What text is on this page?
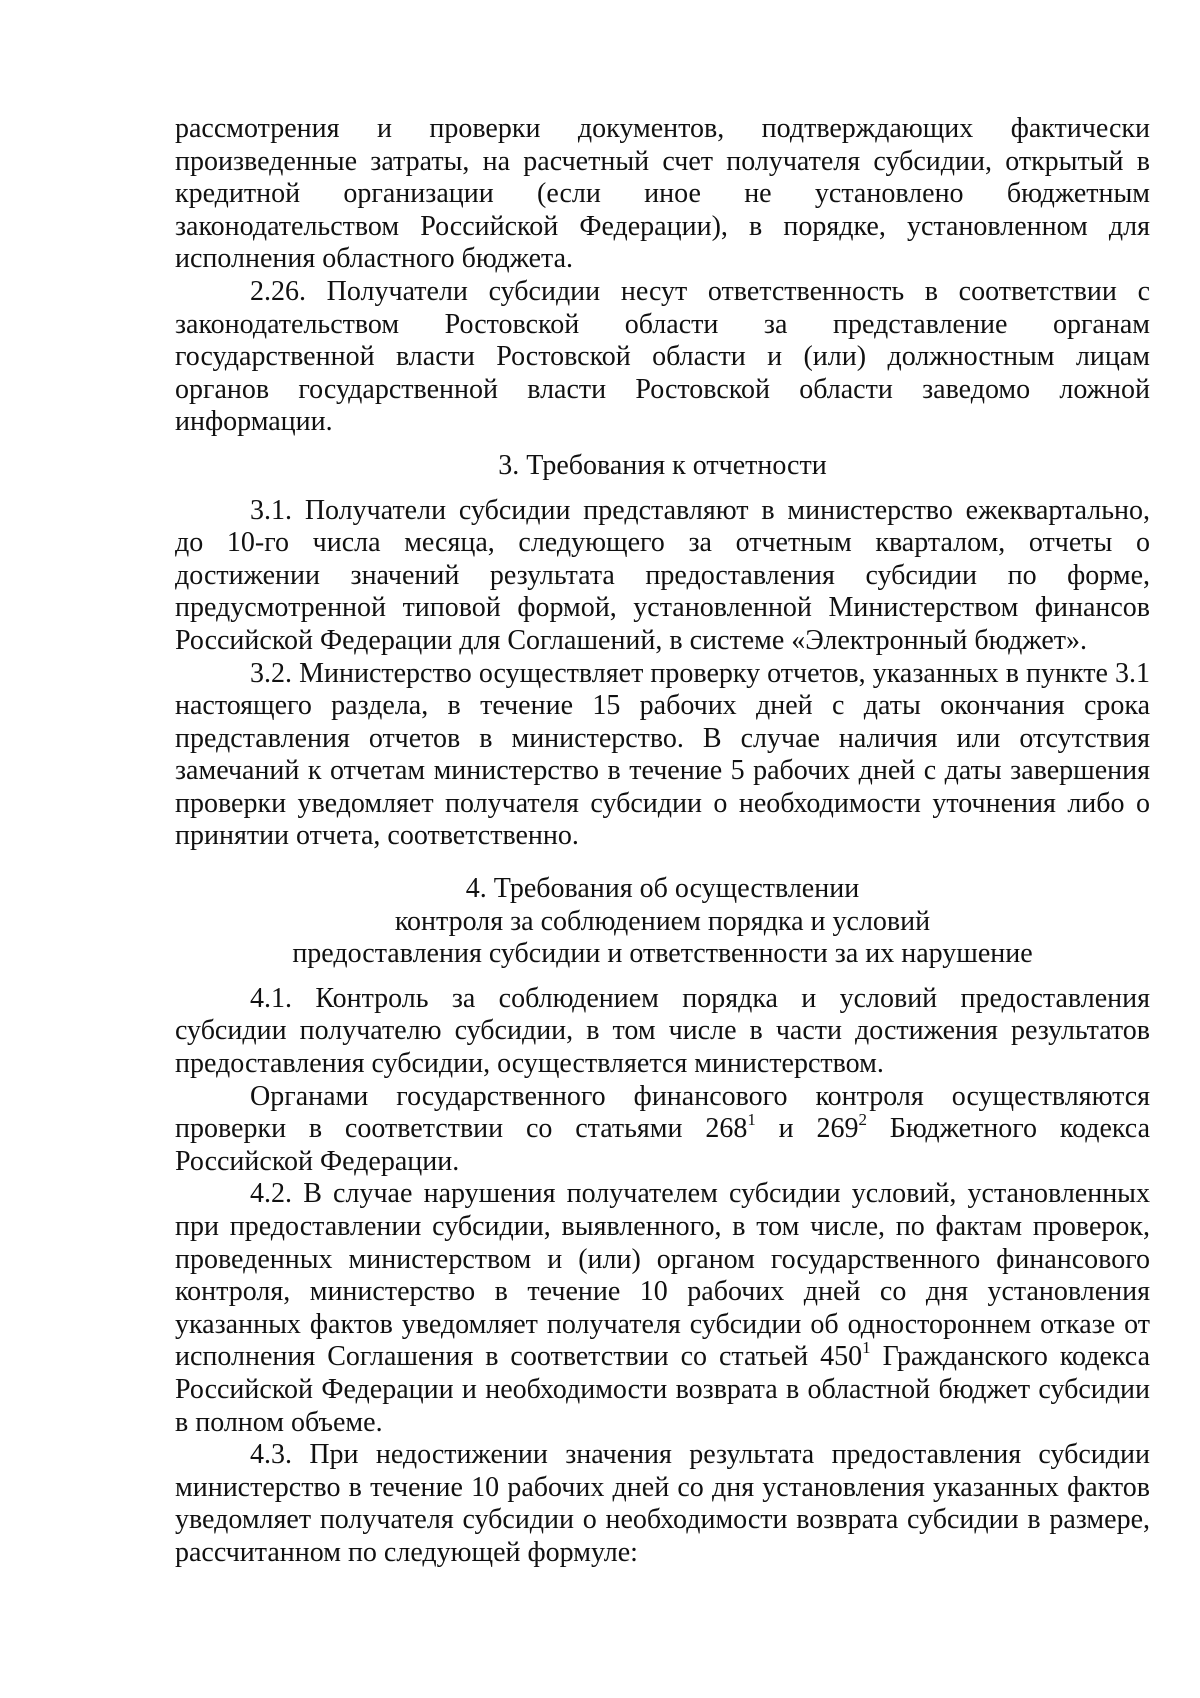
рассмотрения и проверки документов, подтверждающих фактически произведенные затраты, на расчетный счет получателя субсидии, открытый в кредитной организации (если иное не установлено бюджетным законодательством Российской Федерации), в порядке, установленном для исполнения областного бюджета.

2.26. Получатели субсидии несут ответственность в соответствии с законодательством Ростовской области за представление органам государственной власти Ростовской области и (или) должностным лицам органов государственной власти Ростовской области заведомо ложной информации.

3. Требования к отчетности

3.1. Получатели субсидии представляют в министерство ежеквартально, до 10-го числа месяца, следующего за отчетным кварталом, отчеты о достижении значений результата предоставления субсидии по форме, предусмотренной типовой формой, установленной Министерством финансов Российской Федерации для Соглашений, в системе «Электронный бюджет».

3.2. Министерство осуществляет проверку отчетов, указанных в пункте 3.1 настоящего раздела, в течение 15 рабочих дней с даты окончания срока представления отчетов в министерство. В случае наличия или отсутствия замечаний к отчетам министерство в течение 5 рабочих дней с даты завершения проверки уведомляет получателя субсидии о необходимости уточнения либо о принятии отчета, соответственно.

4. Требования об осуществлении
контроля за соблюдением порядка и условий
предоставления субсидии и ответственности за их нарушение

4.1. Контроль за соблюдением порядка и условий предоставления субсидии получателю субсидии, в том числе в части достижения результатов предоставления субсидии, осуществляется министерством.

Органами государственного финансового контроля осуществляются проверки в соответствии со статьями $268^1$ и $269^2$ Бюджетного кодекса Российской Федерации.

4.2. В случае нарушения получателем субсидии условий, установленных при предоставлении субсидии, выявленного, в том числе, по фактам проверок, проведенных министерством и (или) органом государственного финансового контроля, министерство в течение 10 рабочих дней со дня установления указанных фактов уведомляет получателя субсидии об одностороннем отказе от исполнения Соглашения в соответствии со статьей $450^1$ Гражданского кодекса Российской Федерации и необходимости возврата в областной бюджет субсидии в полном объеме.

4.3. При недостижении значения результата предоставления субсидии министерство в течение 10 рабочих дней со дня установления указанных фактов уведомляет получателя субсидии о необходимости возврата субсидии в размере, рассчитанном по следующей формуле:
